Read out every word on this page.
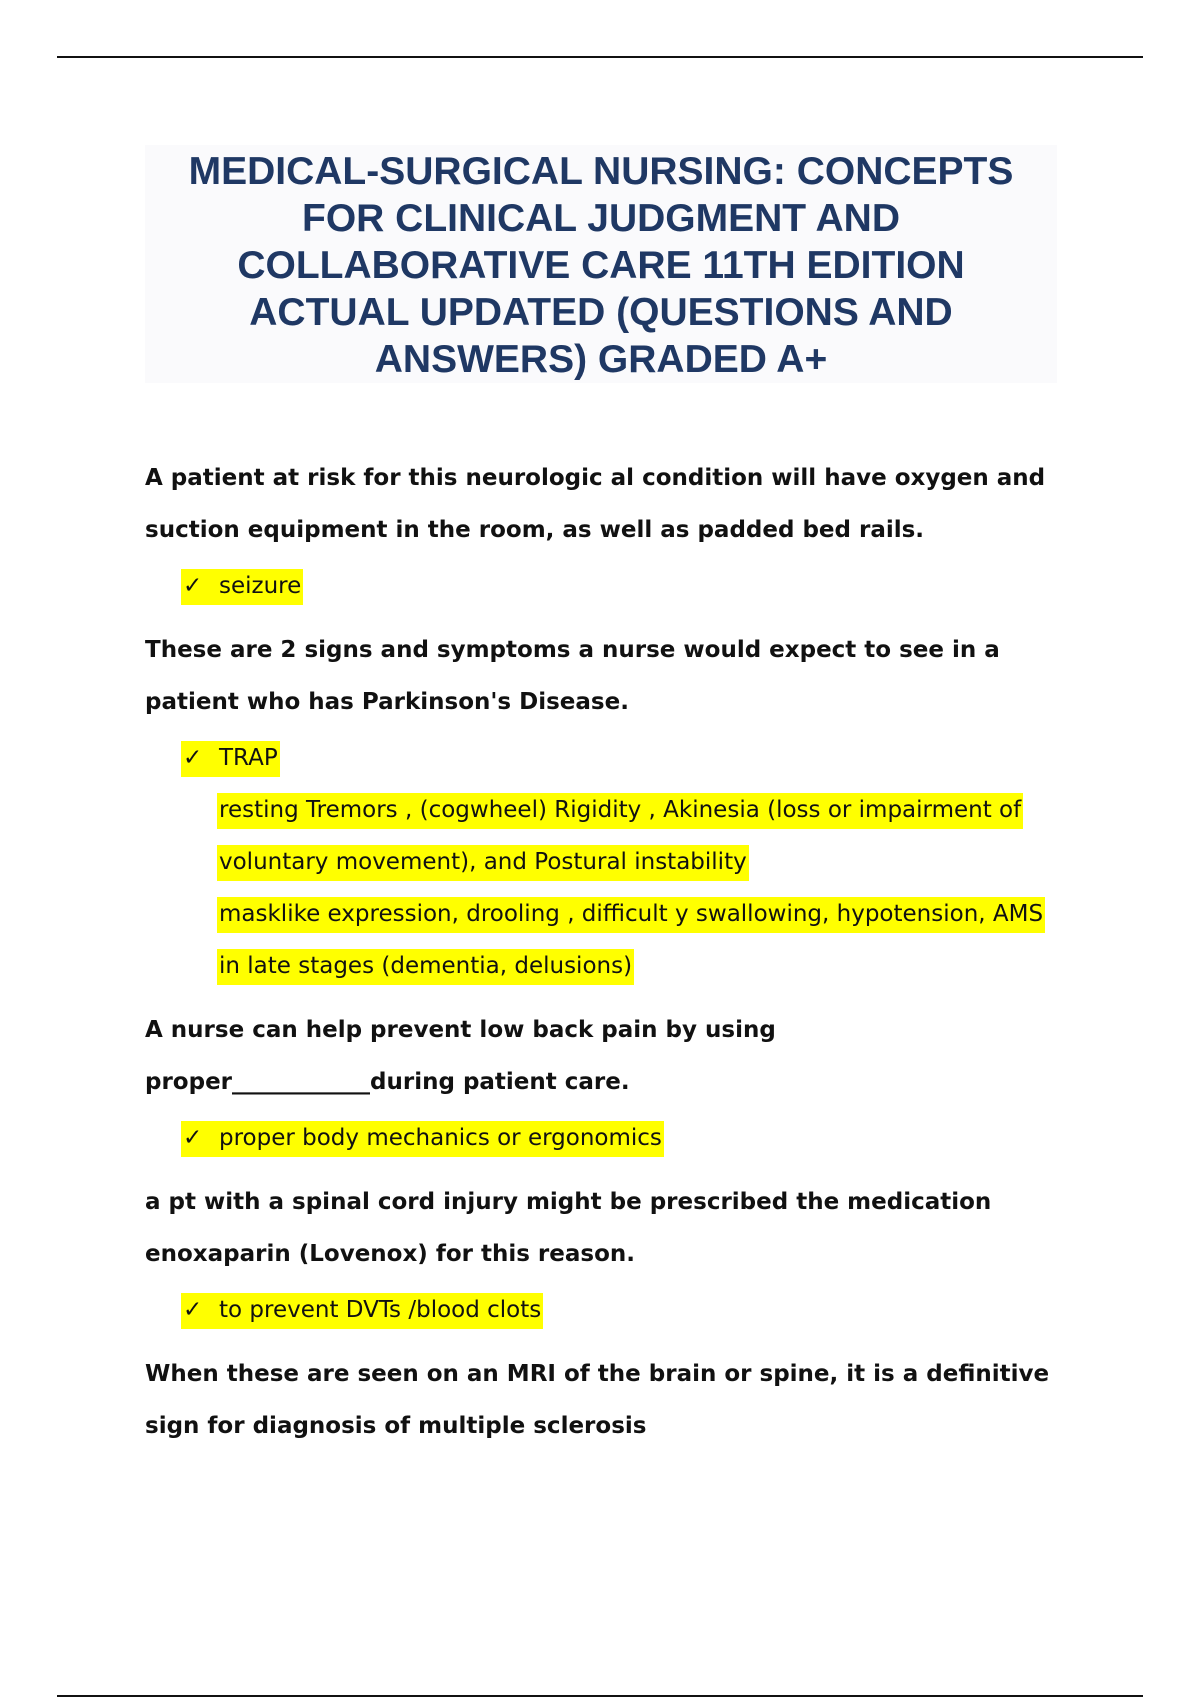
MEDICAL-SURGICAL NURSING: CONCEPTS
FOR CLINICAL JUDGMENT AND
COLLABORATIVE CARE 11TH EDITION
ACTUAL UPDATED (QUESTIONS AND
ANSWERS) GRADED A+

A patient at risk for this neurologic al condition will have oxygen and suction equipment in the room, as well as padded bed rails.

✓ seizure

These are 2 signs and symptoms a nurse would expect to see in a patient who has Parkinson's Disease.

✓ TRAP
resting Tremors , (cogwheel) Rigidity , Akinesia (loss or impairment of
voluntary movement), and Postural instability
masklike expression, drooling , difficult y swallowing, hypotension, AMS
in late stages (dementia, delusions)

A nurse can help prevent low back pain by using proper____________during patient care.

✓ proper body mechanics or ergonomics

a pt with a spinal cord injury might be prescribed the medication enoxaparin (Lovenox) for this reason.

✓ to prevent DVTs /blood clots

When these are seen on an MRI of the brain or spine, it is a definitive sign for diagnosis of multiple sclerosis
